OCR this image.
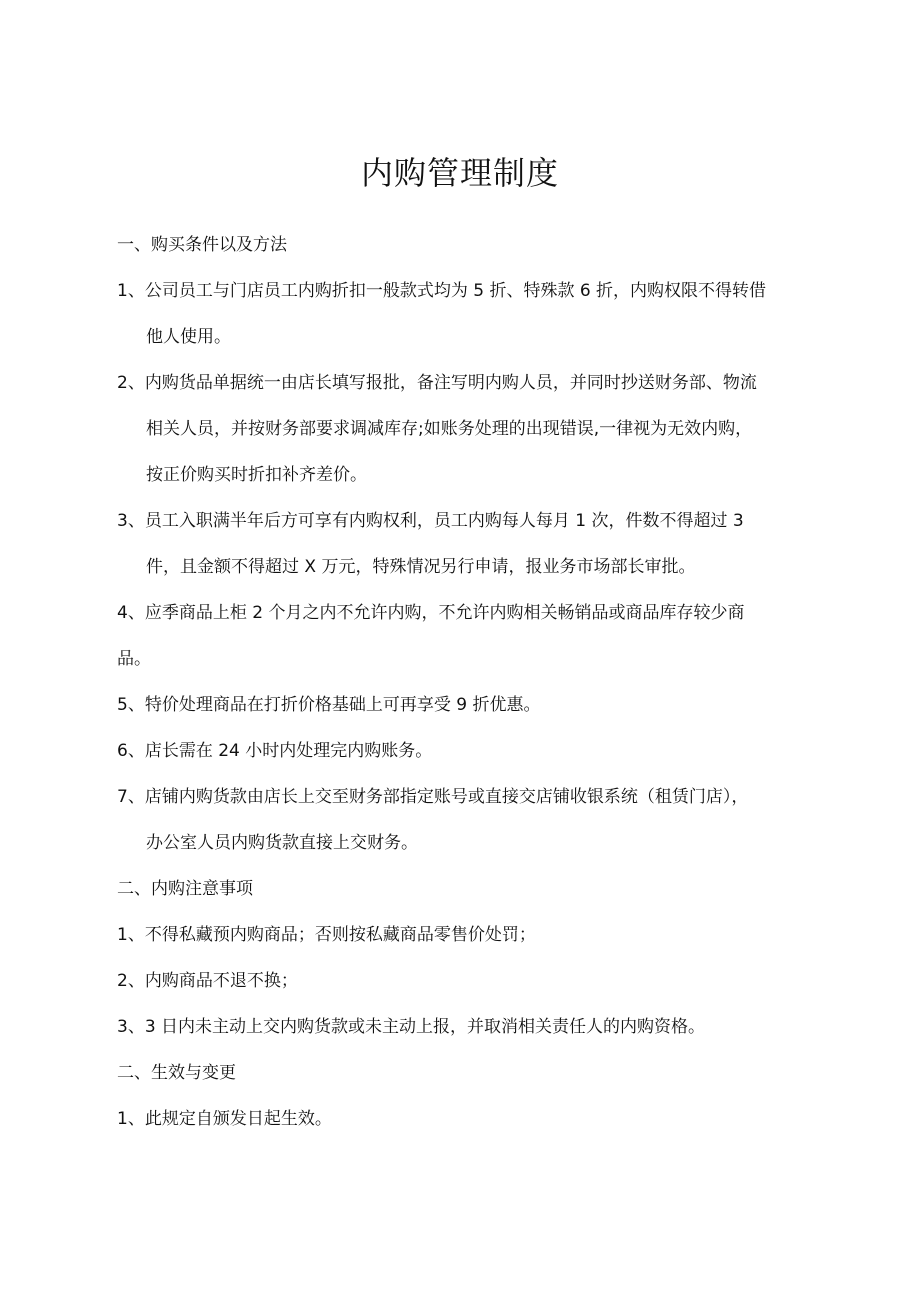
内购管理制度

一、购买条件以及方法

1、公司员工与门店员工内购折扣一般款式均为 5 折、特殊款 6 折，内购权限不得转借

他人使用。

2、内购货品单据统一由店长填写报批，备注写明内购人员，并同时抄送财务部、物流

相关人员，并按财务部要求调减库存;如账务处理的出现错误,一律视为无效内购，

按正价购买时折扣补齐差价。

3、员工入职满半年后方可享有内购权利，员工内购每人每月 1 次，件数不得超过 3

件，且金额不得超过 X 万元，特殊情况另行申请，报业务市场部长审批。

4、应季商品上柜 2 个月之内不允许内购，不允许内购相关畅销品或商品库存较少商

品。

5、特价处理商品在打折价格基础上可再享受 9 折优惠。

6、店长需在 24 小时内处理完内购账务。

7、店铺内购货款由店长上交至财务部指定账号或直接交店铺收银系统（租赁门店），

办公室人员内购货款直接上交财务。

二、内购注意事项

1、不得私藏预内购商品；否则按私藏商品零售价处罚；

2、内购商品不退不换；

3、3 日内未主动上交内购货款或未主动上报，并取消相关责任人的内购资格。

二、生效与变更

1、此规定自颁发日起生效。
